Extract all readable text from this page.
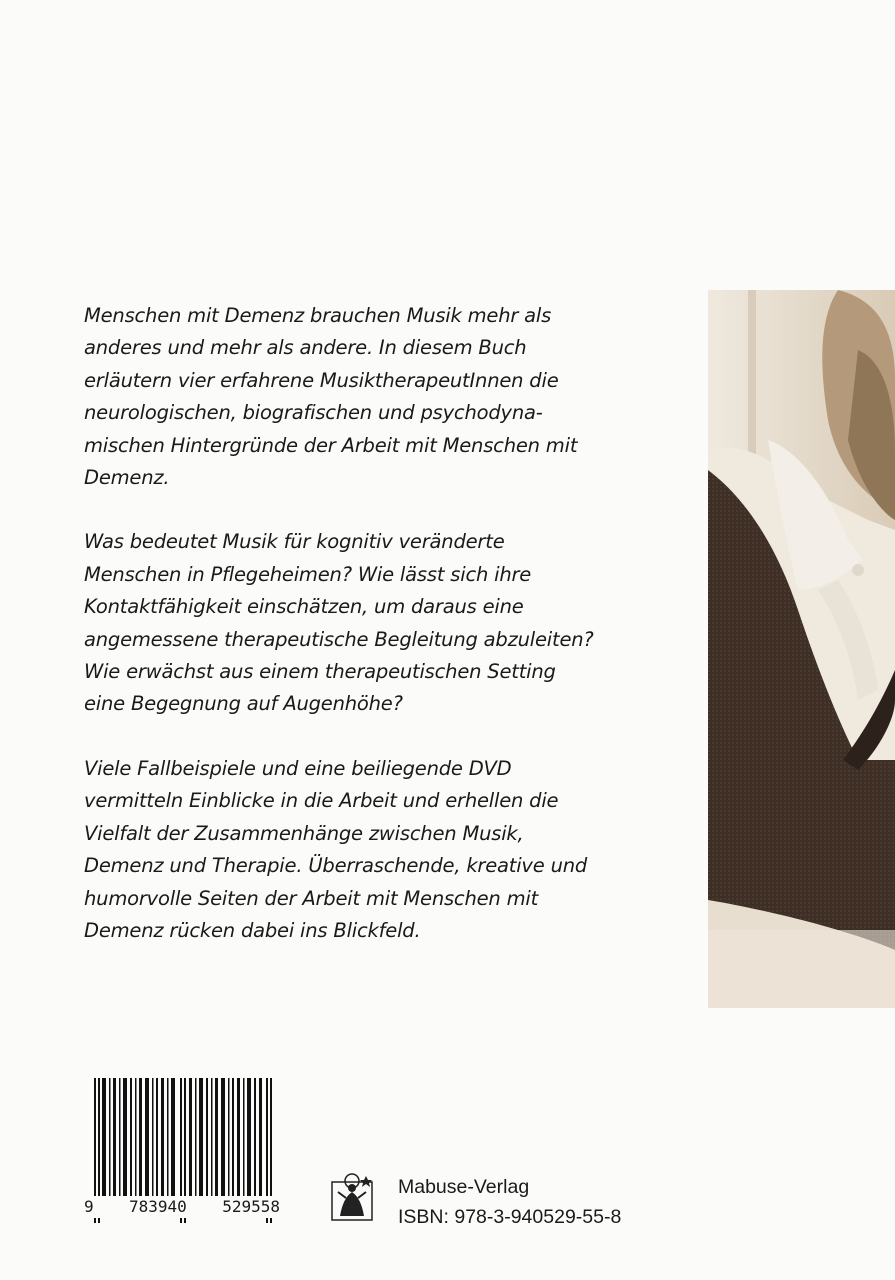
Menschen mit Demenz brauchen Musik mehr als
anderes und mehr als andere. In diesem Buch
erläutern vier erfahrene MusiktherapeutInnen die
neurologischen, biografischen und psychodyna-
mischen Hintergründe der Arbeit mit Menschen mit
Demenz.

Was bedeutet Musik für kognitiv veränderte
Menschen in Pflegeheimen? Wie lässt sich ihre
Kontaktfähigkeit einschätzen, um daraus eine
angemessene therapeutische Begleitung abzuleiten?
Wie erwächst aus einem therapeutischen Setting
eine Begegnung auf Augenhöhe?

Viele Fallbeispiele und eine beiliegende DVD
vermitteln Einblicke in die Arbeit und erhellen die
Vielfalt der Zusammenhänge zwischen Musik,
Demenz und Therapie. Überraschende, kreative und
humorvolle Seiten der Arbeit mit Menschen mit
Demenz rücken dabei ins Blickfeld.

9 783940 529558
Mabuse-Verlag
ISBN: 978-3-940529-55-8
